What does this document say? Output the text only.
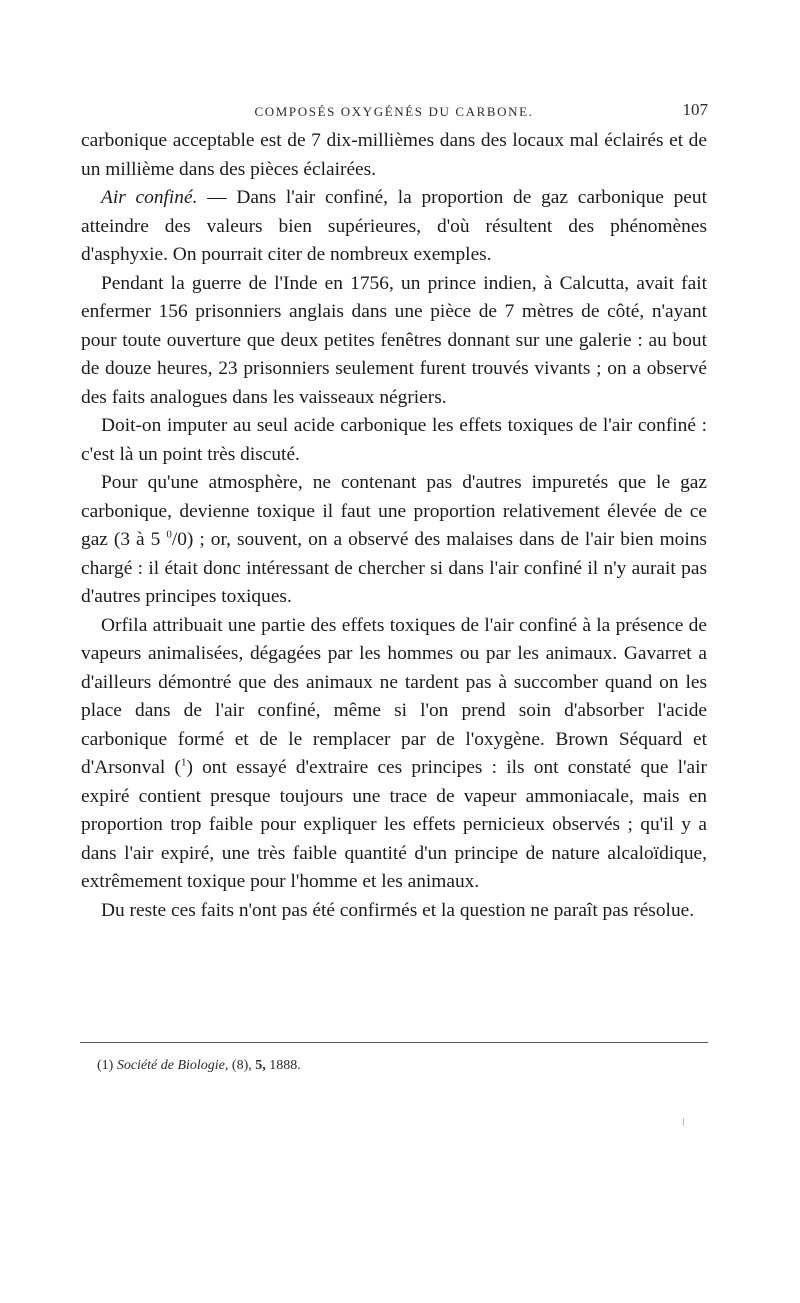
COMPOSÉS OXYGÉNÉS DU CARBONE.	107

carbonique acceptable est de 7 dix-millièmes dans des locaux mal éclairés et de un millième dans des pièces éclairées.

Air confiné. — Dans l'air confiné, la proportion de gaz carbonique peut atteindre des valeurs bien supérieures, d'où résultent des phénomènes d'asphyxie. On pourrait citer de nombreux exemples.

Pendant la guerre de l'Inde en 1756, un prince indien, à Calcutta, avait fait enfermer 156 prisonniers anglais dans une pièce de 7 mètres de côté, n'ayant pour toute ouverture que deux petites fenêtres donnant sur une galerie : au bout de douze heures, 23 prisonniers seulement furent trouvés vivants ; on a observé des faits analogues dans les vaisseaux négriers.

Doit-on imputer au seul acide carbonique les effets toxiques de l'air confiné : c'est là un point très discuté.

Pour qu'une atmosphère, ne contenant pas d'autres impuretés que le gaz carbonique, devienne toxique il faut une proportion relativement élevée de ce gaz (3 à 5 $^0$/0) ; or, souvent, on a observé des malaises dans de l'air bien moins chargé : il était donc intéressant de chercher si dans l'air confiné il n'y aurait pas d'autres principes toxiques.

Orfila attribuait une partie des effets toxiques de l'air confiné à la présence de vapeurs animalisées, dégagées par les hommes ou par les animaux. Gavarret a d'ailleurs démontré que des animaux ne tardent pas à succomber quand on les place dans de l'air confiné, même si l'on prend soin d'absorber l'acide carbonique formé et de le remplacer par de l'oxygène. Brown Séquard et d'Arsonval ($^1$) ont essayé d'extraire ces principes : ils ont constaté que l'air expiré contient presque toujours une trace de vapeur ammoniacale, mais en proportion trop faible pour expliquer les effets pernicieux observés ; qu'il y a dans l'air expiré, une très faible quantité d'un principe de nature alcaloïdique, extrêmement toxique pour l'homme et les animaux.

Du reste ces faits n'ont pas été confirmés et la question ne paraît pas résolue.

(1) Société de Biologie, (8), 5, 1888.
